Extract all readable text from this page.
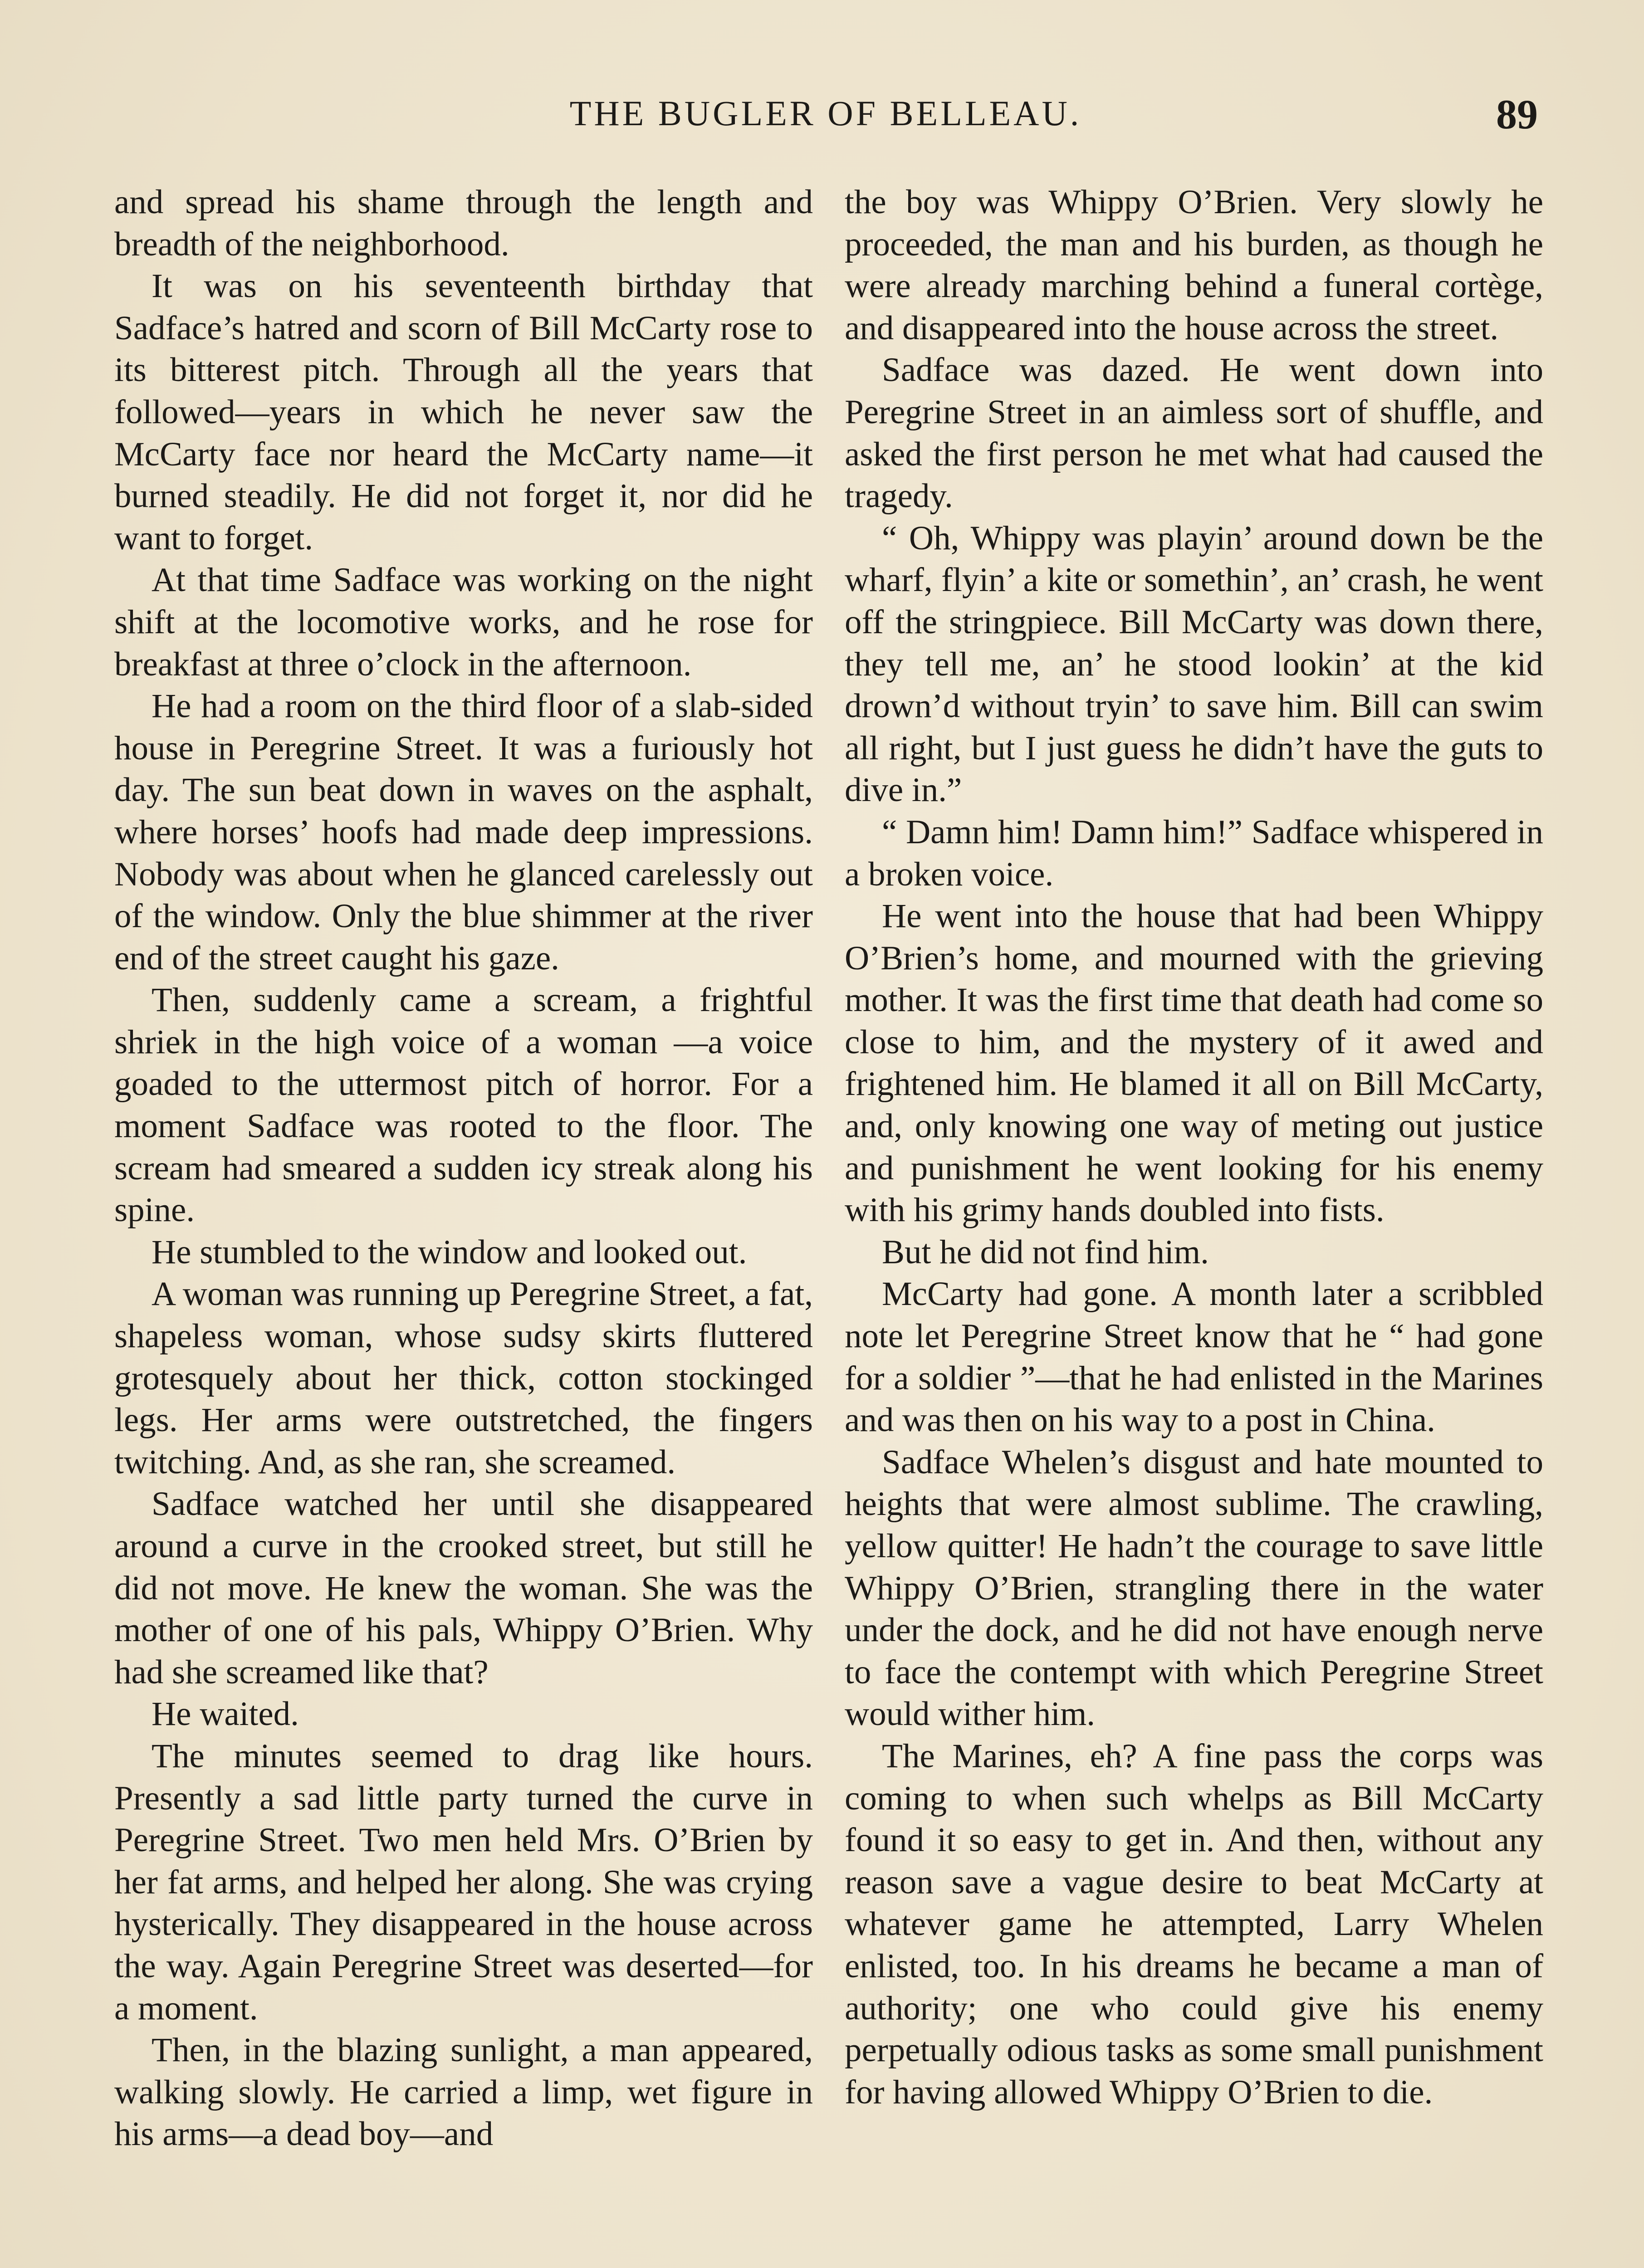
THE BUGLER OF BELLEAU.	89

and spread his shame through the length and breadth of the neighborhood.

It was on his seventeenth birthday that Sadface’s hatred and scorn of Bill McCarty rose to its bitterest pitch. Through all the years that followed—years in which he never saw the McCarty face nor heard the McCarty name—it burned steadily. He did not forget it, nor did he want to forget.

At that time Sadface was working on the night shift at the locomotive works, and he rose for breakfast at three o’clock in the afternoon.

He had a room on the third floor of a slab-sided house in Peregrine Street. It was a furiously hot day. The sun beat down in waves on the asphalt, where horses’ hoofs had made deep impressions. Nobody was about when he glanced carelessly out of the window. Only the blue shimmer at the river end of the street caught his gaze.

Then, suddenly came a scream, a frightful shriek in the high voice of a woman —a voice goaded to the uttermost pitch of horror. For a moment Sadface was rooted to the floor. The scream had smeared a sudden icy streak along his spine.

He stumbled to the window and looked out.

A woman was running up Peregrine Street, a fat, shapeless woman, whose sudsy skirts fluttered grotesquely about her thick, cotton stockinged legs. Her arms were outstretched, the fingers twitching. And, as she ran, she screamed.

Sadface watched her until she disappeared around a curve in the crooked street, but still he did not move. He knew the woman. She was the mother of one of his pals, Whippy O’Brien. Why had she screamed like that?

He waited.

The minutes seemed to drag like hours. Presently a sad little party turned the curve in Peregrine Street. Two men held Mrs. O’Brien by her fat arms, and helped her along. She was crying hysterically. They disappeared in the house across the way. Again Peregrine Street was deserted—for a moment.

Then, in the blazing sunlight, a man appeared, walking slowly. He carried a limp, wet figure in his arms—a dead boy—and

the boy was Whippy O’Brien. Very slowly he proceeded, the man and his burden, as though he were already marching behind a funeral cortège, and disappeared into the house across the street.

Sadface was dazed. He went down into Peregrine Street in an aimless sort of shuffle, and asked the first person he met what had caused the tragedy.

“ Oh, Whippy was playin’ around down be the wharf, flyin’ a kite or somethin’, an’ crash, he went off the stringpiece. Bill McCarty was down there, they tell me, an’ he stood lookin’ at the kid drown’d without tryin’ to save him. Bill can swim all right, but I just guess he didn’t have the guts to dive in.”

“ Damn him! Damn him!” Sadface whispered in a broken voice.

He went into the house that had been Whippy O’Brien’s home, and mourned with the grieving mother. It was the first time that death had come so close to him, and the mystery of it awed and frightened him. He blamed it all on Bill McCarty, and, only knowing one way of meting out justice and punishment he went looking for his enemy with his grimy hands doubled into fists.

But he did not find him.

McCarty had gone. A month later a scribbled note let Peregrine Street know that he “ had gone for a soldier ”—that he had enlisted in the Marines and was then on his way to a post in China.

Sadface Whelen’s disgust and hate mounted to heights that were almost sublime. The crawling, yellow quitter! He hadn’t the courage to save little Whippy O’Brien, strangling there in the water under the dock, and he did not have enough nerve to face the contempt with which Peregrine Street would wither him.

The Marines, eh? A fine pass the corps was coming to when such whelps as Bill McCarty found it so easy to get in. And then, without any reason save a vague desire to beat McCarty at whatever game he attempted, Larry Whelen enlisted, too. In his dreams he became a man of authority; one who could give his enemy perpetually odious tasks as some small punishment for having allowed Whippy O’Brien to die.
